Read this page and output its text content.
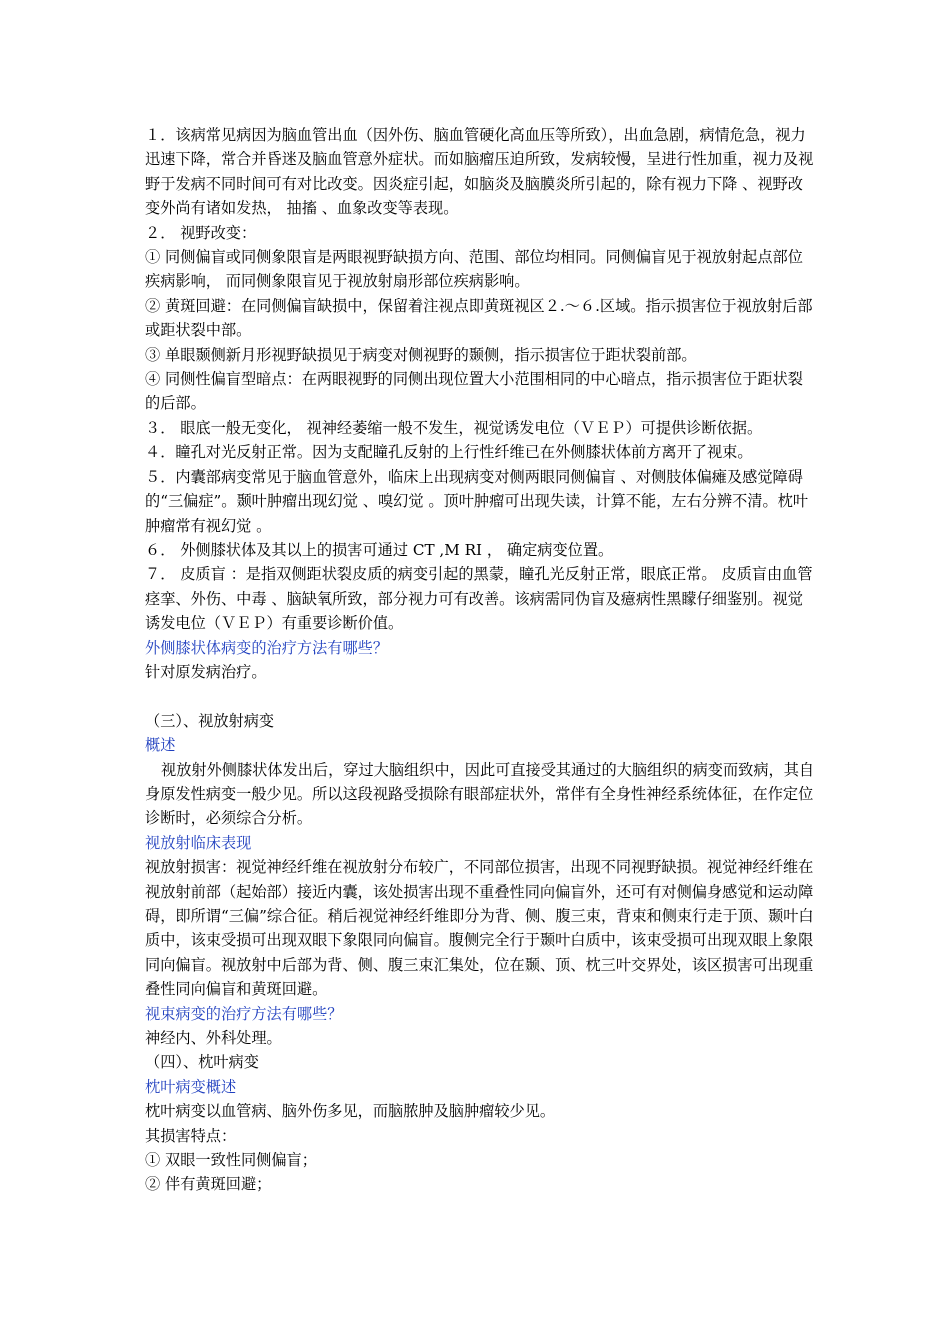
１．该病常见病因为脑血管出血（因外伤、脑血管硬化高血压等所致），出血急剧，病情危急，视力迅速下降，常合并昏迷及脑血管意外症状。而如脑瘤压迫所致，发病较慢，呈进行性加重，视力及视野于发病不同时间可有对比改变。因炎症引起，如脑炎及脑膜炎所引起的，除有视力下降 、视野改变外尚有诸如发热， 抽搐 、血象改变等表现。

２． 视野改变：

① 同侧偏盲或同侧象限盲是两眼视野缺损方向、范围、部位均相同。同侧偏盲见于视放射起点部位疾病影响， 而同侧象限盲见于视放射扇形部位疾病影响。

② 黄斑回避：在同侧偏盲缺损中，保留着注视点即黄斑视区２.～６.区域。指示损害位于视放射后部或距状裂中部。

③ 单眼颞侧新月形视野缺损见于病变对侧视野的颞侧，指示损害位于距状裂前部。

④ 同侧性偏盲型暗点：在两眼视野的同侧出现位置大小范围相同的中心暗点，指示损害位于距状裂的后部。

３． 眼底一般无变化， 视神经萎缩一般不发生，视觉诱发电位（ＶＥＰ）可提供诊断依据。

４．瞳孔对光反射正常。因为支配瞳孔反射的上行性纤维已在外侧膝状体前方离开了视束。

５．内囊部病变常见于脑血管意外，临床上出现病变对侧两眼同侧偏盲 、对侧肢体偏瘫及感觉障碍的“三偏症”。颞叶肿瘤出现幻觉 、嗅幻觉 。顶叶肿瘤可出现失读，计算不能，左右分辨不清。枕叶肿瘤常有视幻觉 。

６． 外侧膝状体及其以上的损害可通过 CT ,M RI ， 确定病变位置。

７． 皮质盲 ：是指双侧距状裂皮质的病变引起的黑蒙，瞳孔光反射正常，眼底正常。 皮质盲由血管痉挛、外伤、中毒 、脑缺氧所致，部分视力可有改善。该病需同伪盲及癔病性黑矇仔细鉴别。视觉诱发电位（ＶＥＰ）有重要诊断价值。

外侧膝状体病变的治疗方法有哪些？

针对原发病治疗。

（三）、视放射病变

概述

视放射外侧膝状体发出后，穿过大脑组织中，因此可直接受其通过的大脑组织的病变而致病，其自身原发性病变一般少见。所以这段视路受损除有眼部症状外，常伴有全身性神经系统体征，在作定位诊断时，必须综合分析。

视放射临床表现

视放射损害：视觉神经纤维在视放射分布较广，不同部位损害，出现不同视野缺损。视觉神经纤维在视放射前部（起始部）接近内囊，该处损害出现不重叠性同向偏盲外，还可有对侧偏身感觉和运动障碍，即所谓“三偏”综合征。稍后视觉神经纤维即分为背、侧、腹三束，背束和侧束行走于顶、颞叶白质中，该束受损可出现双眼下象限同向偏盲。腹侧完全行于颞叶白质中，该束受损可出现双眼上象限同向偏盲。视放射中后部为背、侧、腹三束汇集处，位在颞、顶、枕三叶交界处，该区损害可出现重叠性同向偏盲和黄斑回避。

视束病变的治疗方法有哪些？

神经内、外科处理。

（四）、枕叶病变

枕叶病变概述

枕叶病变以血管病、脑外伤多见，而脑脓肿及脑肿瘤较少见。

其损害特点：

① 双眼一致性同侧偏盲；

② 伴有黄斑回避；
